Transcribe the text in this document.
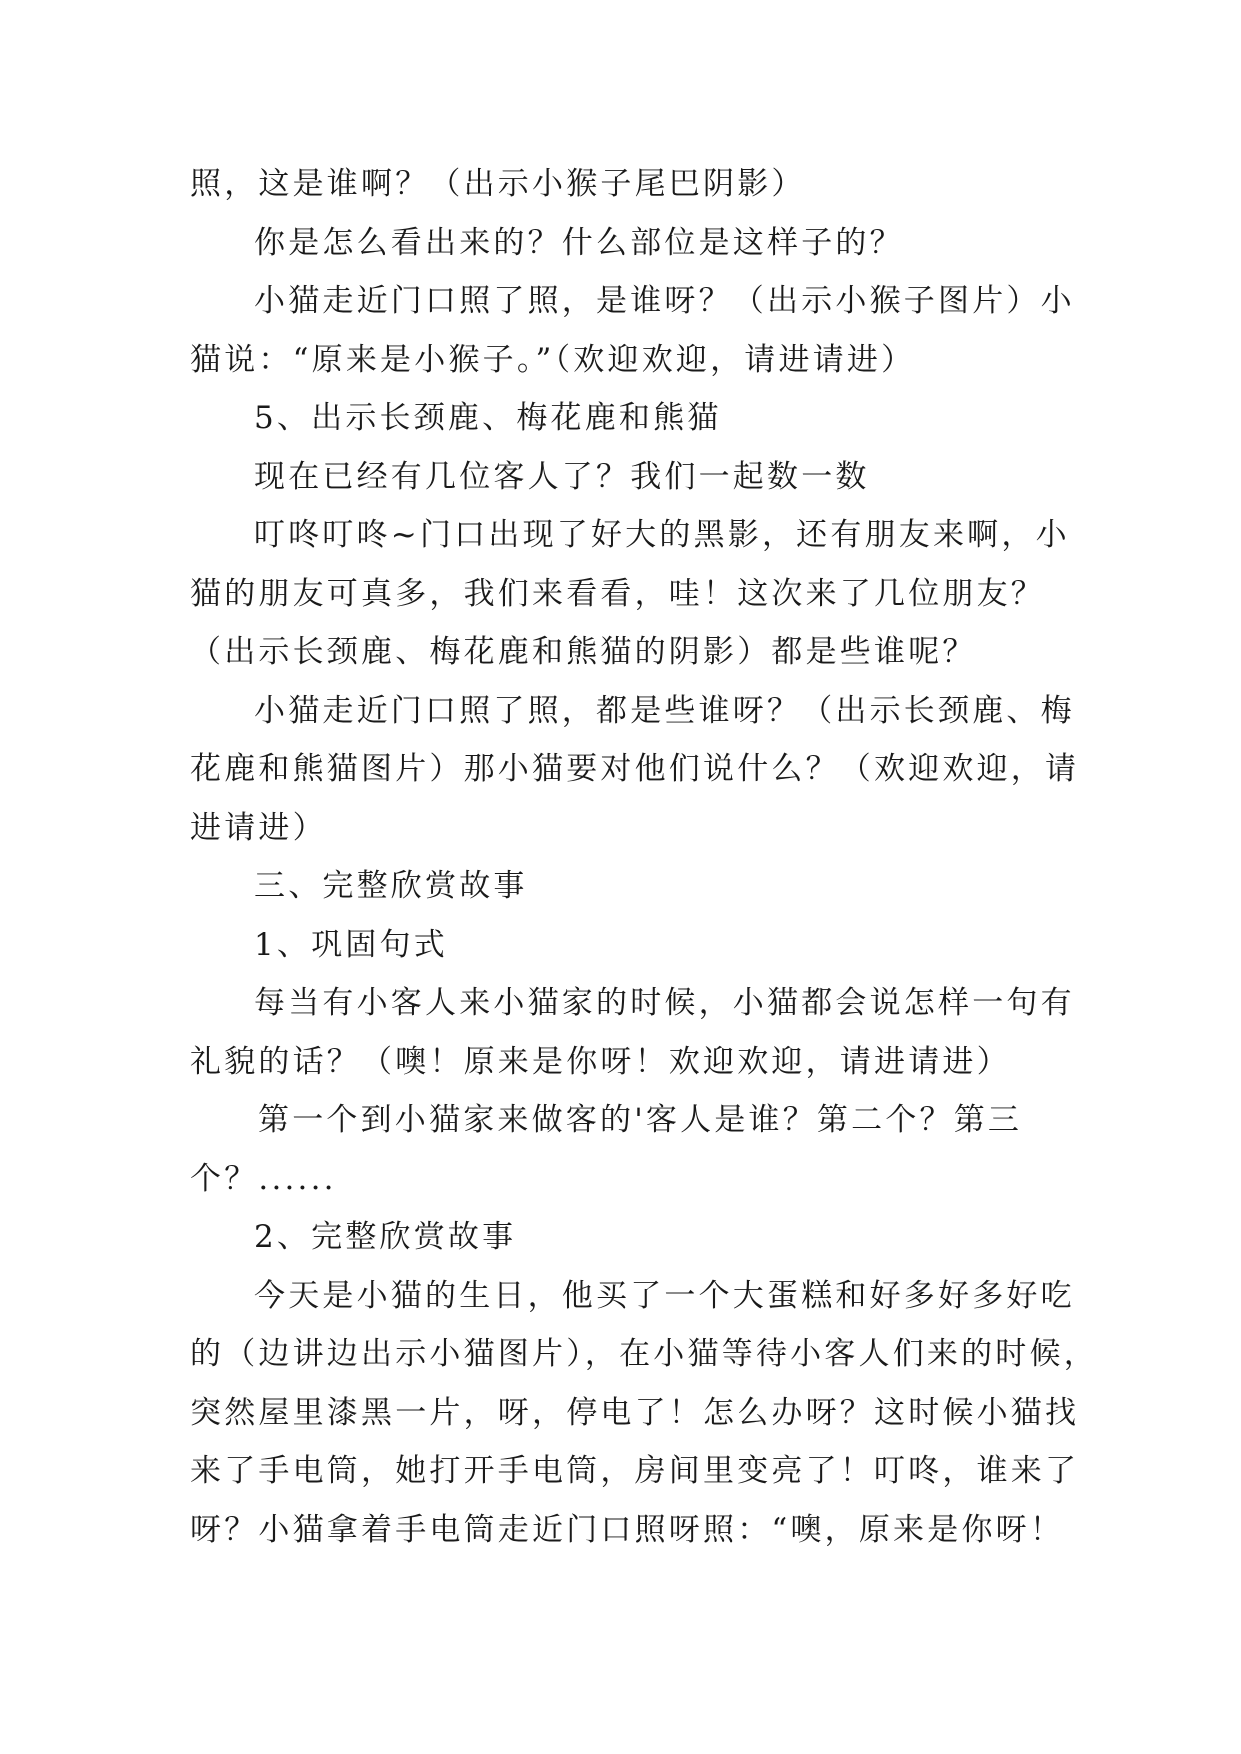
照，这是谁啊？（出示小猴子尾巴阴影）
你是怎么看出来的？什么部位是这样子的？
小猫走近门口照了照，是谁呀？（出示小猴子图片）小
猫说：“原来是小猴子。”（欢迎欢迎，请进请进）
5、出示长颈鹿、梅花鹿和熊猫
现在已经有几位客人了？我们一起数一数
叮咚叮咚~门口出现了好大的黑影，还有朋友来啊，小
猫的朋友可真多，我们来看看，哇！这次来了几位朋友？
（出示长颈鹿、梅花鹿和熊猫的阴影）都是些谁呢？
小猫走近门口照了照，都是些谁呀？（出示长颈鹿、梅
花鹿和熊猫图片）那小猫要对他们说什么？（欢迎欢迎，请
进请进）
三、完整欣赏故事
1、巩固句式
每当有小客人来小猫家的时候，小猫都会说怎样一句有
礼貌的话？（噢！原来是你呀！欢迎欢迎，请进请进）
第一个到小猫家来做客的'客人是谁？第二个？第三
个？......
2、完整欣赏故事
今天是小猫的生日，他买了一个大蛋糕和好多好多好吃
的（边讲边出示小猫图片），在小猫等待小客人们来的时候，
突然屋里漆黑一片，呀，停电了！怎么办呀？这时候小猫找
来了手电筒，她打开手电筒，房间里变亮了！叮咚，谁来了
呀？小猫拿着手电筒走近门口照呀照：“噢，原来是你呀！
